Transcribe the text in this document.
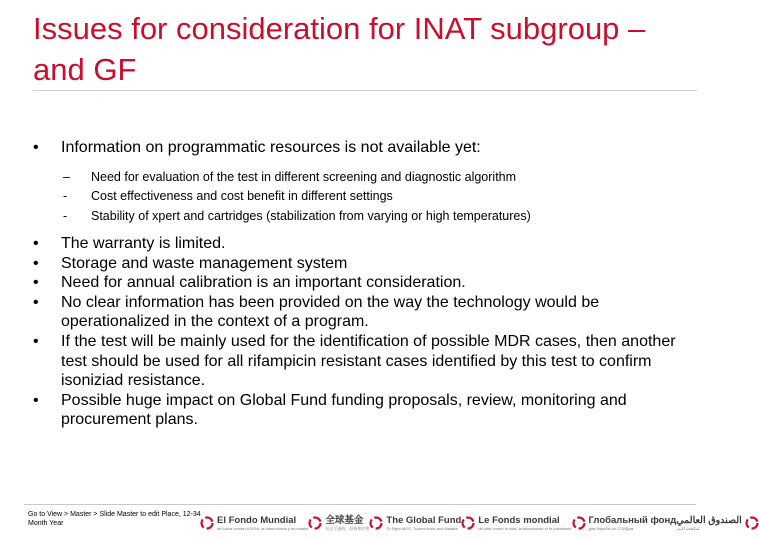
Issues for consideration for INAT subgroup – and GF
•	Information on programmatic resources is not available yet:
– Need for evaluation of the test in different screening and diagnostic algorithm
- Cost effectiveness and cost benefit in different settings
- Stability of xpert and cartridges (stabilization from varying or high temperatures)
•	The warranty is limited.
•	Storage and waste management system
•	Need for annual calibration is an important consideration.
•	No clear information has been provided on the way the technology would be operationalized in the context of a program.
•	If the test will be mainly used for the identification of possible MDR cases, then another test should be used for all rifampicin resistant cases identified by this test to confirm isoniziad resistance.
•	Possible huge impact on Global Fund funding proposals, review, monitoring and procurement plans.
Go to View > Master > Slide Master to edit Place, 12-34 Month Year	El Fondo Mundial
de lucha contra el SIDA, la tuberculosis y la malaria
全球基金
抗击艾滋病、结核和疟疾
The Global Fund
To Fight AIDS, Tuberculosis and Malaria
Le Fonds mondial
de lutte contre le sida, la tuberculose et le paludisme
Глобальный фонд
для борьбы со СПИДом
الصندوق العالمي
لمكافحة الإيدز
